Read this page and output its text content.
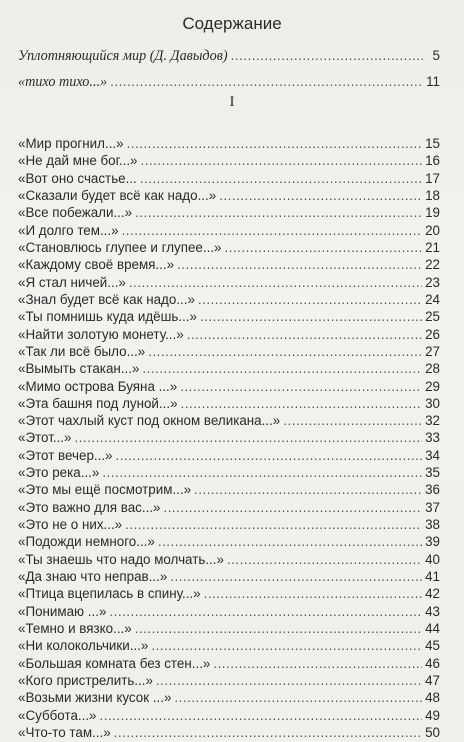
Содержание
Уплотняющийся мир (Д. Давыдов) .....	5
«тихо тихо...» .....	11
I
«Мир прогнил...» .....	15
«Не дай мне бог...» .....	16
«Вот оно счастье... .....	17
«Сказали будет всё как надо...» .....	18
«Все побежали...» .....	19
«И долго тем...» .....	20
«Становлюсь глупее и глупее...» .....	21
«Каждому своё время...» .....	22
«Я стал ничей...» .....	23
«Знал будет всё как надо...» .....	24
«Ты помнишь куда идёшь...» .....	25
«Найти золотую монету...» .....	26
«Так ли всё было...» .....	27
«Вымыть стакан...» .....	28
«Мимо острова Буяна ...» .....	29
«Эта башня под луной...» .....	30
«Этот чахлый куст под окном великана...» .....	32
«Этот...» .....	33
«Этот вечер...» .....	34
«Это река...» .....	35
«Это мы ещё посмотрим...» .....	36
«Это важно для вас...» .....	37
«Это не о них...» .....	38
«Подожди немного...» .....	39
«Ты знаешь что надо молчать...» .....	40
«Да знаю что неправ...» .....	41
«Птица вцепилась в спину...» .....	42
«Понимаю ...» .....	43
«Темно и вязко...» .....	44
«Ни колокольчики...» .....	45
«Большая комната без стен...» .....	46
«Кого пристрелить...» .....	47
«Возьми жизни кусок ...» .....	48
«Суббота...» .....	49
«Что-то там...» .....	50
